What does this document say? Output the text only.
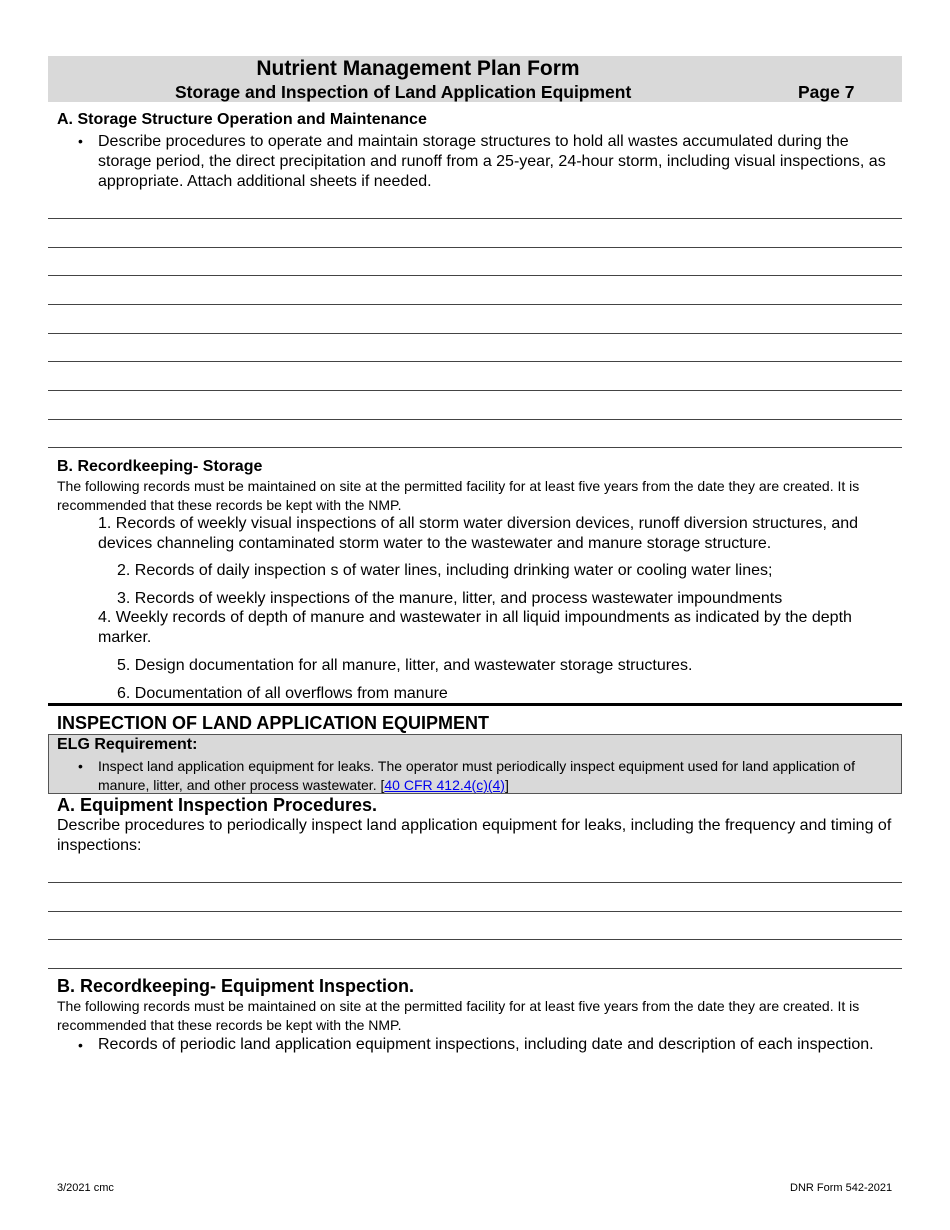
Nutrient Management Plan Form
Storage and Inspection of Land Application Equipment	Page 7
A. Storage Structure Operation and Maintenance
• Describe procedures to operate and maintain storage structures to hold all wastes accumulated during the storage period, the direct precipitation and runoff from a 25-year, 24-hour storm, including visual inspections, as appropriate. Attach additional sheets if needed.
B. Recordkeeping- Storage
The following records must be maintained on site at the permitted facility for at least five years from the date they are created. It is recommended that these records be kept with the NMP.
1. Records of weekly visual inspections of all storm water diversion devices, runoff diversion structures, and devices channeling contaminated storm water to the wastewater and manure storage structure.
2. Records of daily inspection s of water lines, including drinking water or cooling water lines;
3. Records of weekly inspections of the manure, litter, and process wastewater impoundments
4. Weekly records of depth of manure and wastewater in all liquid impoundments as indicated by the depth marker.
5. Design documentation for all manure, litter, and wastewater storage structures.
6. Documentation of all overflows from manure
INSPECTION OF LAND APPLICATION EQUIPMENT
ELG Requirement:
• Inspect land application equipment for leaks. The operator must periodically inspect equipment used for land application of manure, litter, and other process wastewater. [40 CFR 412.4(c)(4)]
A. Equipment Inspection Procedures.
Describe procedures to periodically inspect land application equipment for leaks, including the frequency and timing of inspections:
B. Recordkeeping- Equipment Inspection.
The following records must be maintained on site at the permitted facility for at least five years from the date they are created. It is recommended that these records be kept with the NMP.
• Records of periodic land application equipment inspections, including date and description of each inspection.
3/2021 cmc	DNR Form 542-2021
